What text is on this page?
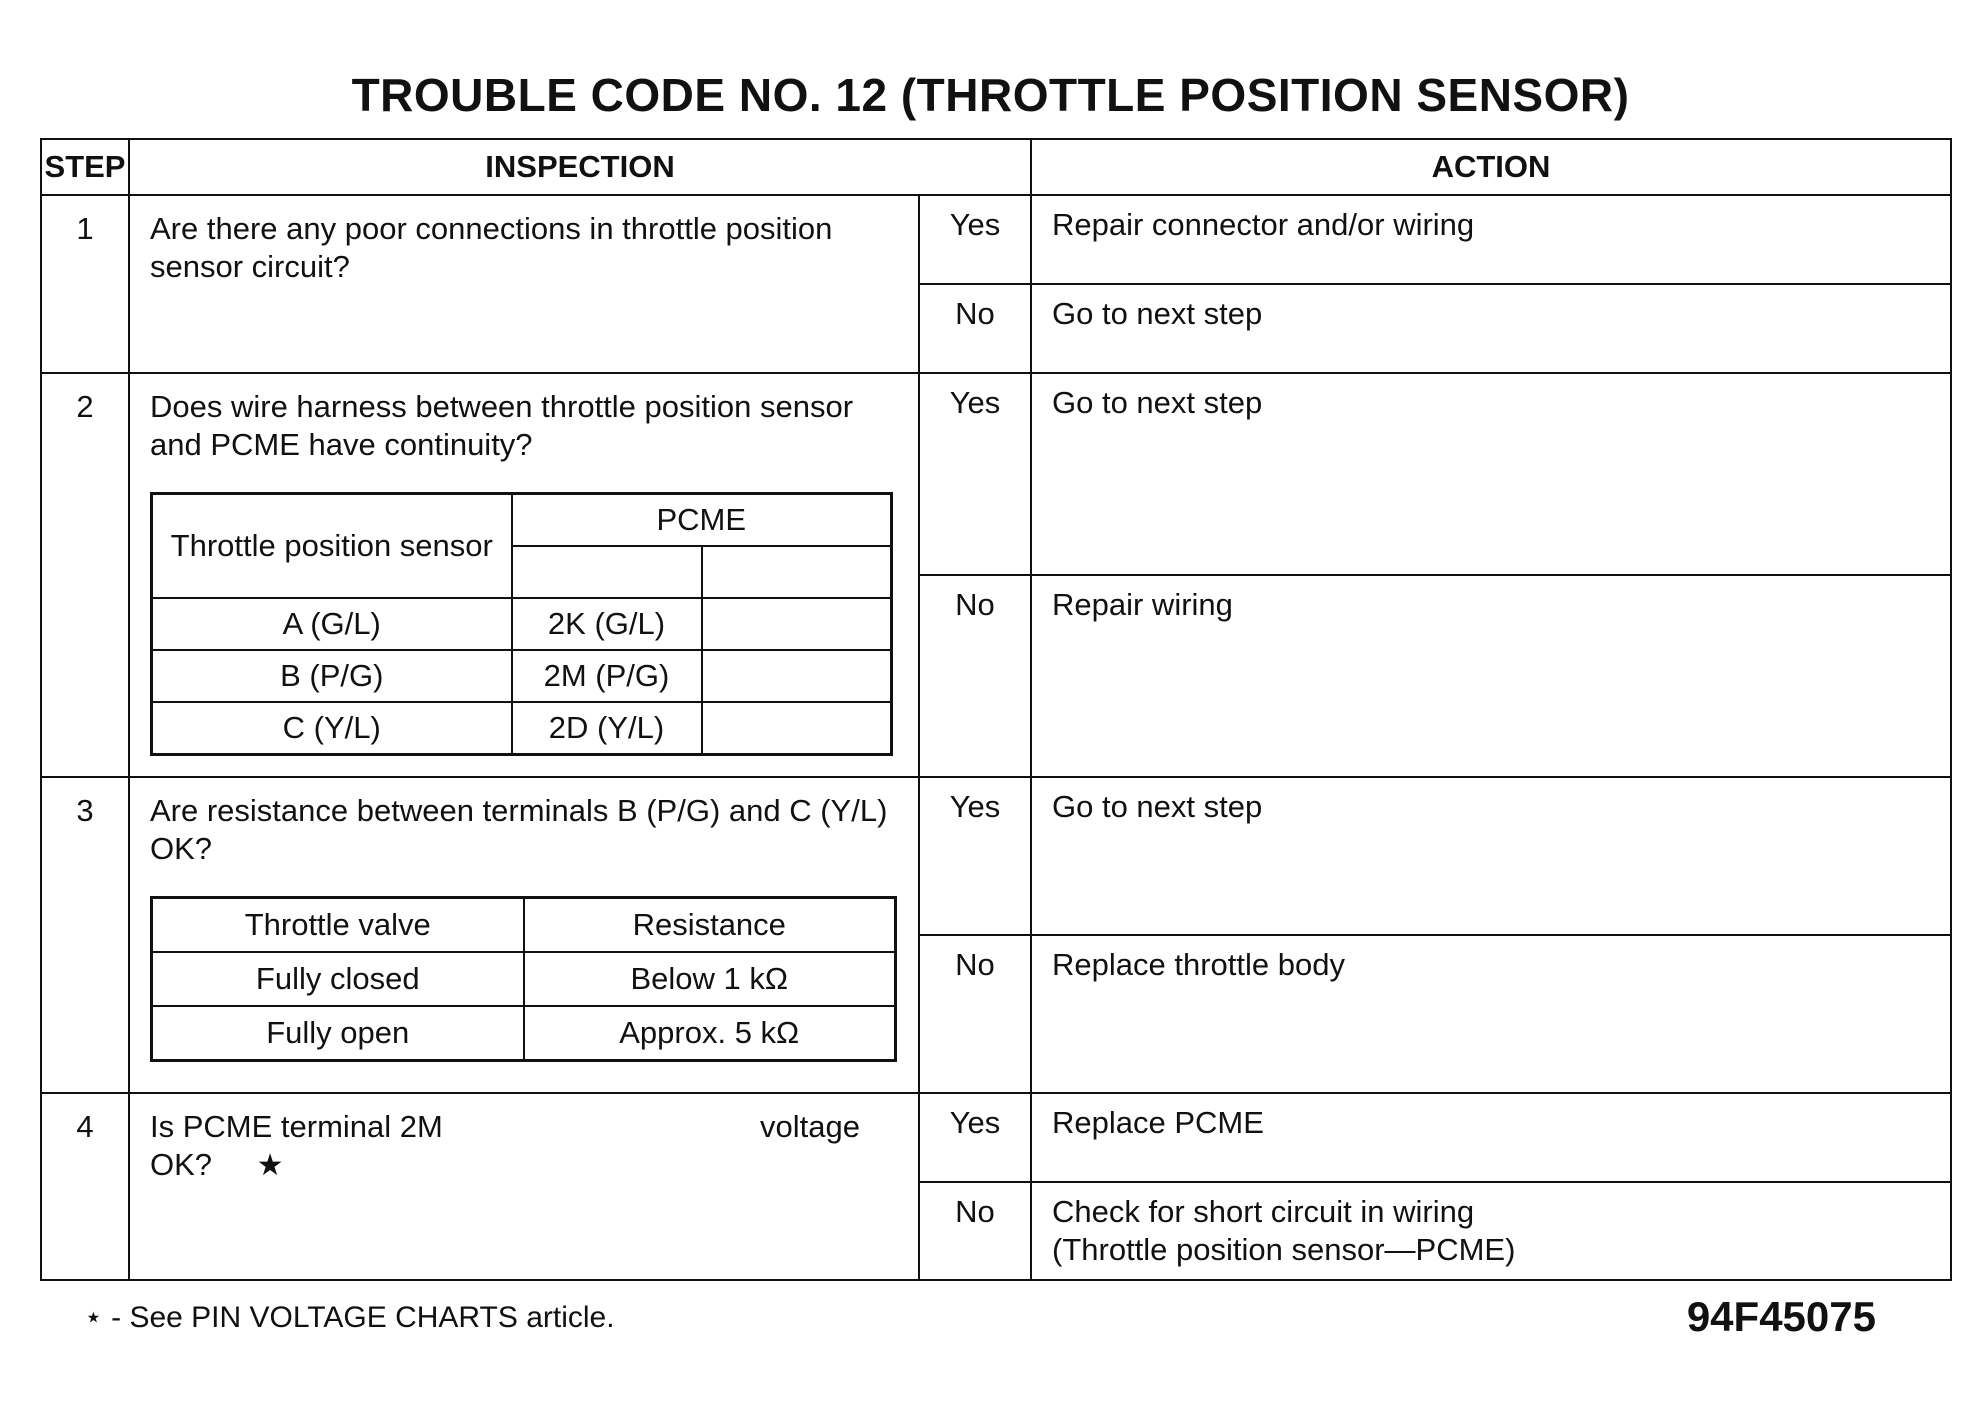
TROUBLE CODE NO. 12 (THROTTLE POSITION SENSOR)
STEP	INSPECTION	ACTION
1	Are there any poor connections in throttle position sensor circuit?	Yes	Repair connector and/or wiring
No	Go to next step
2	Does wire harness between throttle position sensor and PCME have continuity?
Throttle position sensor	PCME

A (G/L)	2K (G/L)	
B (P/G)	2M (P/G)	
C (Y/L)	2D (Y/L)	
	Yes	Go to next step
No	Repair wiring
3	Are resistance between terminals B (P/G) and C (Y/L) OK?
Throttle valve	Resistance
Fully closed	Below 1 kΩ
Fully open	Approx. 5 kΩ
	Yes	Go to next step
No	Replace throttle body
4	Is PCME terminal 2M	voltage
OK? ★
	Yes	Replace PCME
No	Check for short circuit in wiring
(Throttle position sensor—PCME)
⋆ - See PIN VOLTAGE CHARTS article.	94F45075
